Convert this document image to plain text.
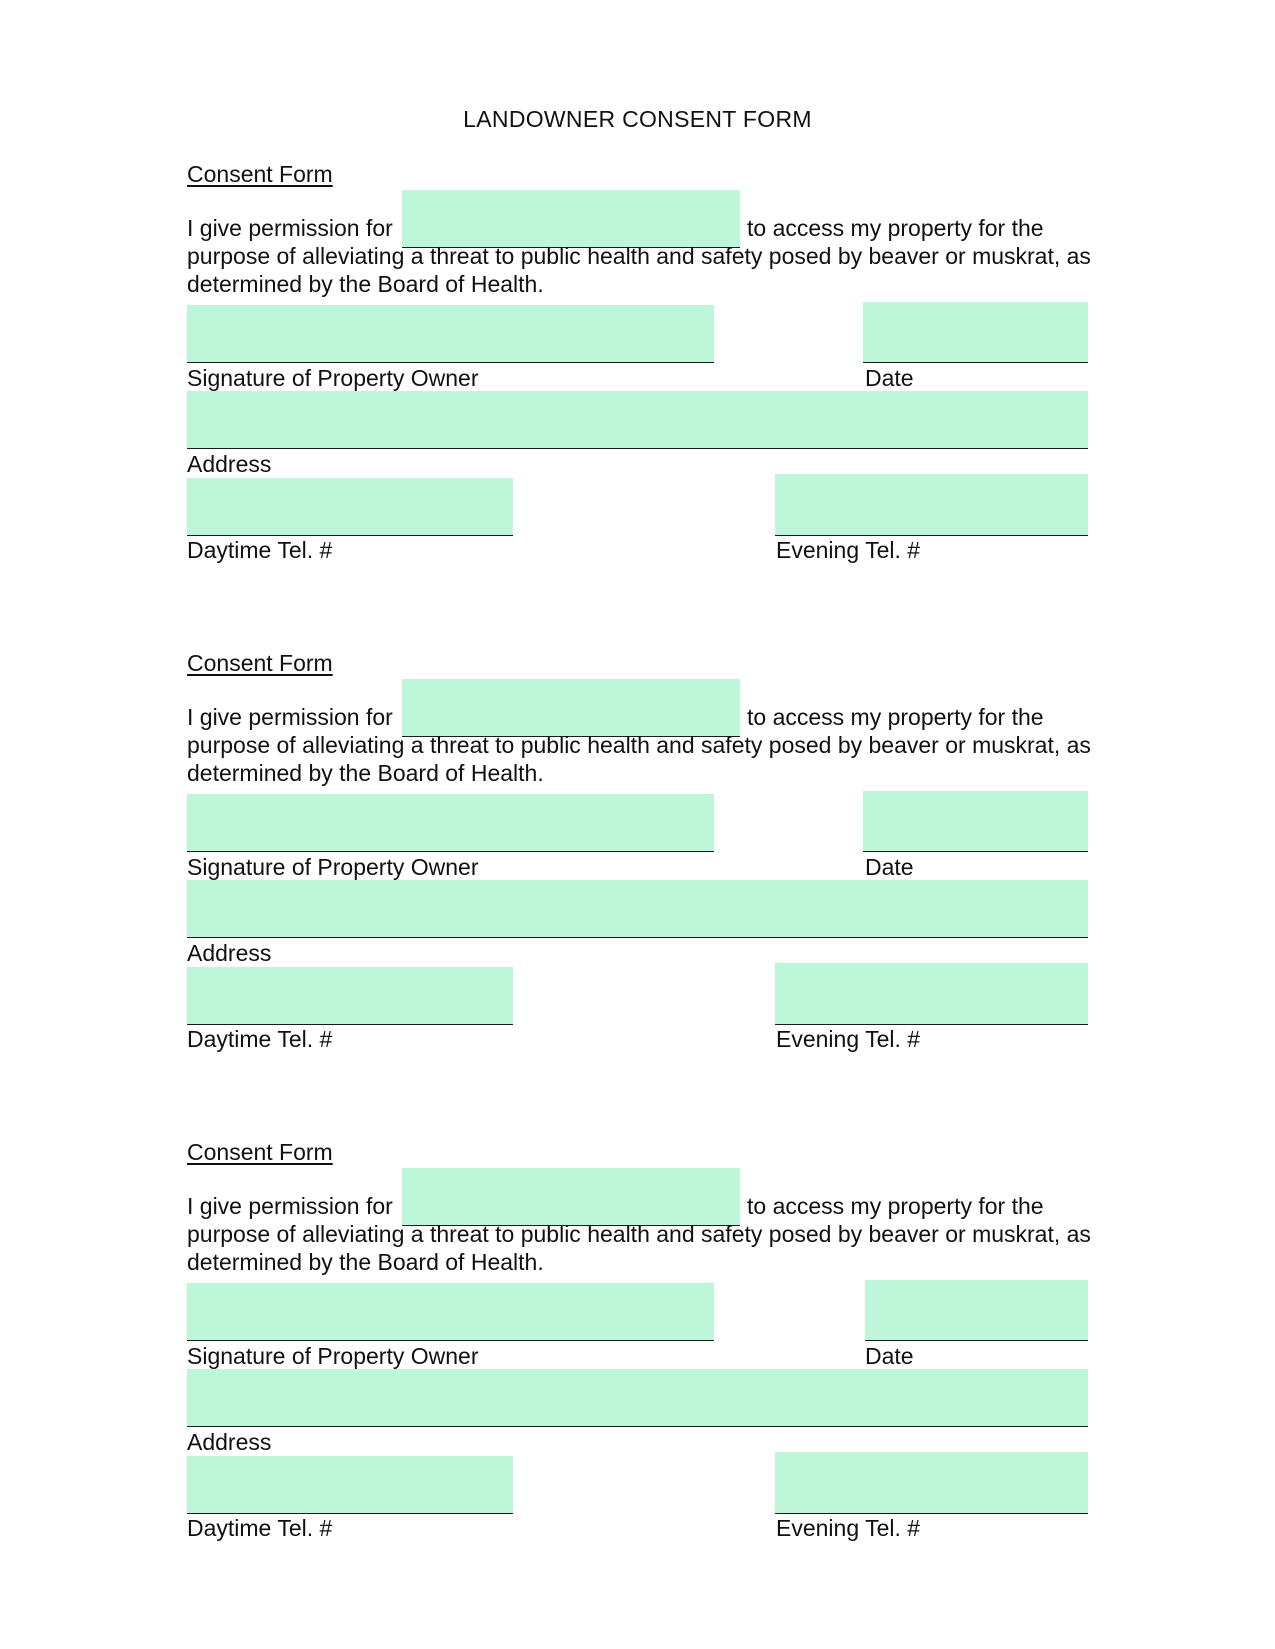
LANDOWNER CONSENT FORM
Consent Form
I give permission for	to access my property for the
purpose of alleviating a threat to public health and safety posed by beaver or muskrat, as
determined by the Board of Health.
Signature of Property Owner	Date
Address
Daytime Tel. #	Evening Tel. #
Consent Form
I give permission for	to access my property for the
purpose of alleviating a threat to public health and safety posed by beaver or muskrat, as
determined by the Board of Health.
Signature of Property Owner	Date
Address
Daytime Tel. #	Evening Tel. #
Consent Form
I give permission for	to access my property for the
purpose of alleviating a threat to public health and safety posed by beaver or muskrat, as
determined by the Board of Health.
Signature of Property Owner	Date
Address
Daytime Tel. #	Evening Tel. #
